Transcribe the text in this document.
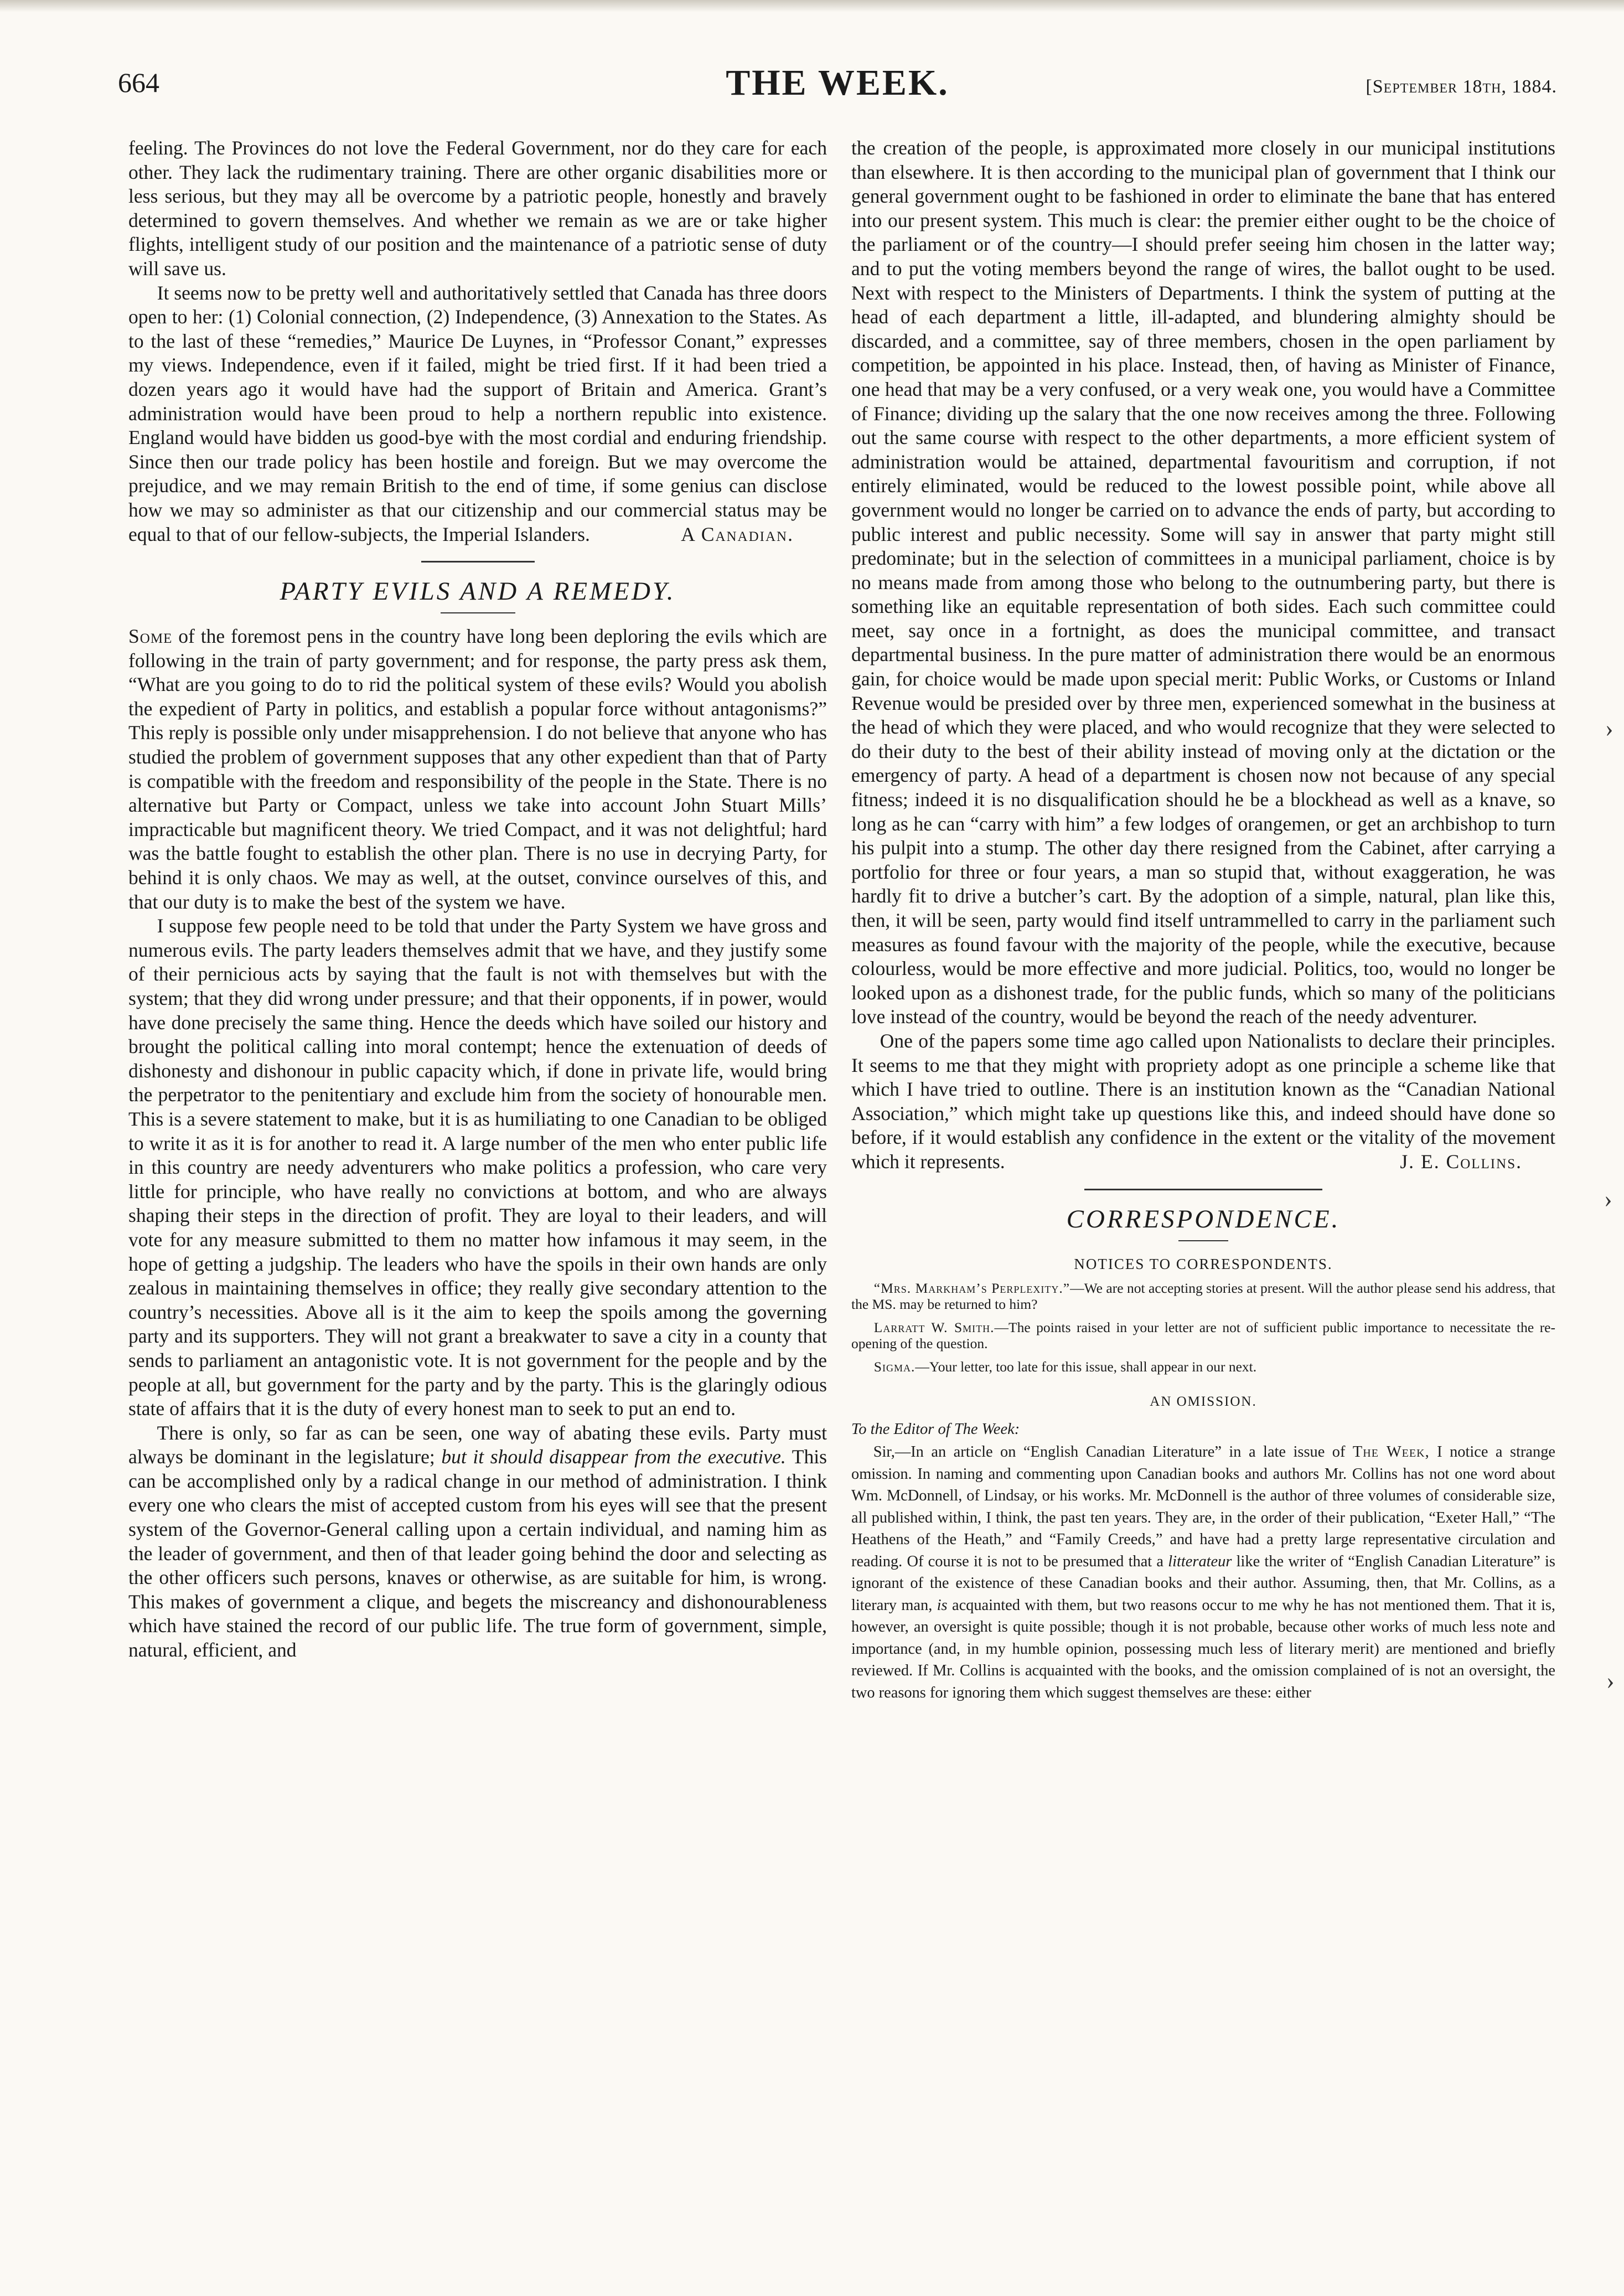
664	THE WEEK.	[September 18th, 1884.

feeling. The Provinces do not love the Federal Government, nor do they care for each other. They lack the rudimentary training. There are other organic disabilities more or less serious, but they may all be overcome by a patriotic people, honestly and bravely determined to govern themselves. And whether we remain as we are or take higher flights, intelligent study of our position and the maintenance of a patriotic sense of duty will save us.

It seems now to be pretty well and authoritatively settled that Canada has three doors open to her: (1) Colonial connection, (2) Independence, (3) Annexation to the States. As to the last of these “remedies,” Maurice De Luynes, in “Professor Conant,” expresses my views. Independence, even if it failed, might be tried first. If it had been tried a dozen years ago it would have had the support of Britain and America. Grant’s administration would have been proud to help a northern republic into existence. England would have bidden us good-bye with the most cordial and enduring friendship. Since then our trade policy has been hostile and foreign. But we may overcome the prejudice, and we may remain British to the end of time, if some genius can disclose how we may so administer as that our citizenship and our commercial status may be equal to that of our fellow-subjects, the Imperial Islanders.	A Canadian.

PARTY EVILS AND A REMEDY.

Some of the foremost pens in the country have long been deploring the evils which are following in the train of party government; and for response, the party press ask them, “What are you going to do to rid the political system of these evils? Would you abolish the expedient of Party in politics, and establish a popular force without antagonisms?” This reply is possible only under misapprehension. I do not believe that anyone who has studied the problem of government supposes that any other expedient than that of Party is compatible with the freedom and responsibility of the people in the State. There is no alternative but Party or Compact, unless we take into account John Stuart Mills’ impracticable but magnificent theory. We tried Compact, and it was not delightful; hard was the battle fought to establish the other plan. There is no use in decrying Party, for behind it is only chaos. We may as well, at the outset, convince ourselves of this, and that our duty is to make the best of the system we have.

I suppose few people need to be told that under the Party System we have gross and numerous evils. The party leaders themselves admit that we have, and they justify some of their pernicious acts by saying that the fault is not with themselves but with the system; that they did wrong under pressure; and that their opponents, if in power, would have done precisely the same thing. Hence the deeds which have soiled our history and brought the political calling into moral contempt; hence the extenuation of deeds of dishonesty and dishonour in public capacity which, if done in private life, would bring the perpetrator to the penitentiary and exclude him from the society of honourable men. This is a severe statement to make, but it is as humiliating to one Canadian to be obliged to write it as it is for another to read it. A large number of the men who enter public life in this country are needy adventurers who make politics a profession, who care very little for principle, who have really no convictions at bottom, and who are always shaping their steps in the direction of profit. They are loyal to their leaders, and will vote for any measure submitted to them no matter how infamous it may seem, in the hope of getting a judgship. The leaders who have the spoils in their own hands are only zealous in maintaining themselves in office; they really give secondary attention to the country’s necessities. Above all is it the aim to keep the spoils among the governing party and its supporters. They will not grant a breakwater to save a city in a county that sends to parliament an antagonistic vote. It is not government for the people and by the people at all, but government for the party and by the party. This is the glaringly odious state of affairs that it is the duty of every honest man to seek to put an end to.

There is only, so far as can be seen, one way of abating these evils. Party must always be dominant in the legislature; but it should disappear from the executive. This can be accomplished only by a radical change in our method of administration. I think every one who clears the mist of accepted custom from his eyes will see that the present system of the Governor-General calling upon a certain individual, and naming him as the leader of government, and then of that leader going behind the door and selecting as the other officers such persons, knaves or otherwise, as are suitable for him, is wrong. This makes of government a clique, and begets the miscreancy and dishonourableness which have stained the record of our public life. The true form of government, simple, natural, efficient, and

the creation of the people, is approximated more closely in our municipal institutions than elsewhere. It is then according to the municipal plan of government that I think our general government ought to be fashioned in order to eliminate the bane that has entered into our present system. This much is clear: the premier either ought to be the choice of the parliament or of the country—I should prefer seeing him chosen in the latter way; and to put the voting members beyond the range of wires, the ballot ought to be used. Next with respect to the Ministers of Departments. I think the system of putting at the head of each department a little, ill-adapted, and blundering almighty should be discarded, and a committee, say of three members, chosen in the open parliament by competition, be appointed in his place. Instead, then, of having as Minister of Finance, one head that may be a very confused, or a very weak one, you would have a Committee of Finance; dividing up the salary that the one now receives among the three. Following out the same course with respect to the other departments, a more efficient system of administration would be attained, departmental favouritism and corruption, if not entirely eliminated, would be reduced to the lowest possible point, while above all government would no longer be carried on to advance the ends of party, but according to public interest and public necessity. Some will say in answer that party might still predominate; but in the selection of committees in a municipal parliament, choice is by no means made from among those who belong to the outnumbering party, but there is something like an equitable representation of both sides. Each such committee could meet, say once in a fortnight, as does the municipal committee, and transact departmental business. In the pure matter of administration there would be an enormous gain, for choice would be made upon special merit: Public Works, or Customs or Inland Revenue would be presided over by three men, experienced somewhat in the business at the head of which they were placed, and who would recognize that they were selected to do their duty to the best of their ability instead of moving only at the dictation or the emergency of party. A head of a department is chosen now not because of any special fitness; indeed it is no disqualification should he be a blockhead as well as a knave, so long as he can “carry with him” a few lodges of orangemen, or get an archbishop to turn his pulpit into a stump. The other day there resigned from the Cabinet, after carrying a portfolio for three or four years, a man so stupid that, without exaggeration, he was hardly fit to drive a butcher’s cart. By the adoption of a simple, natural, plan like this, then, it will be seen, party would find itself untrammelled to carry in the parliament such measures as found favour with the majority of the people, while the executive, because colourless, would be more effective and more judicial. Politics, too, would no longer be looked upon as a dishonest trade, for the public funds, which so many of the politicians love instead of the country, would be beyond the reach of the needy adventurer.

One of the papers some time ago called upon Nationalists to declare their principles. It seems to me that they might with propriety adopt as one principle a scheme like that which I have tried to outline. There is an institution known as the “Canadian National Association,” which might take up questions like this, and indeed should have done so before, if it would establish any confidence in the extent or the vitality of the movement which it represents.	J. E. Collins.

CORRESPONDENCE.
NOTICES TO CORRESPONDENTS.

“Mrs. Markham’s Perplexity.”—We are not accepting stories at present. Will the author please send his address, that the MS. may be returned to him?

Larratt W. Smith.—The points raised in your letter are not of sufficient public importance to necessitate the re-opening of the question.

Sigma.—Your letter, too late for this issue, shall appear in our next.

AN OMISSION.
To the Editor of The Week:

Sir,—In an article on “English Canadian Literature” in a late issue of The Week, I notice a strange omission. In naming and commenting upon Canadian books and authors Mr. Collins has not one word about Wm. McDonnell, of Lindsay, or his works. Mr. McDonnell is the author of three volumes of considerable size, all published within, I think, the past ten years. They are, in the order of their publication, “Exeter Hall,” “The Heathens of the Heath,” and “Family Creeds,” and have had a pretty large representative circulation and reading. Of course it is not to be presumed that a litterateur like the writer of “English Canadian Literature” is ignorant of the existence of these Canadian books and their author. Assuming, then, that Mr. Collins, as a literary man, is acquainted with them, but two reasons occur to me why he has not mentioned them. That it is, however, an oversight is quite possible; though it is not probable, because other works of much less note and importance (and, in my humble opinion, possessing much less of literary merit) are mentioned and briefly reviewed. If Mr. Collins is acquainted with the books, and the omission complained of is not an oversight, the two reasons for ignoring them which suggest themselves are these: either

›
›
›
